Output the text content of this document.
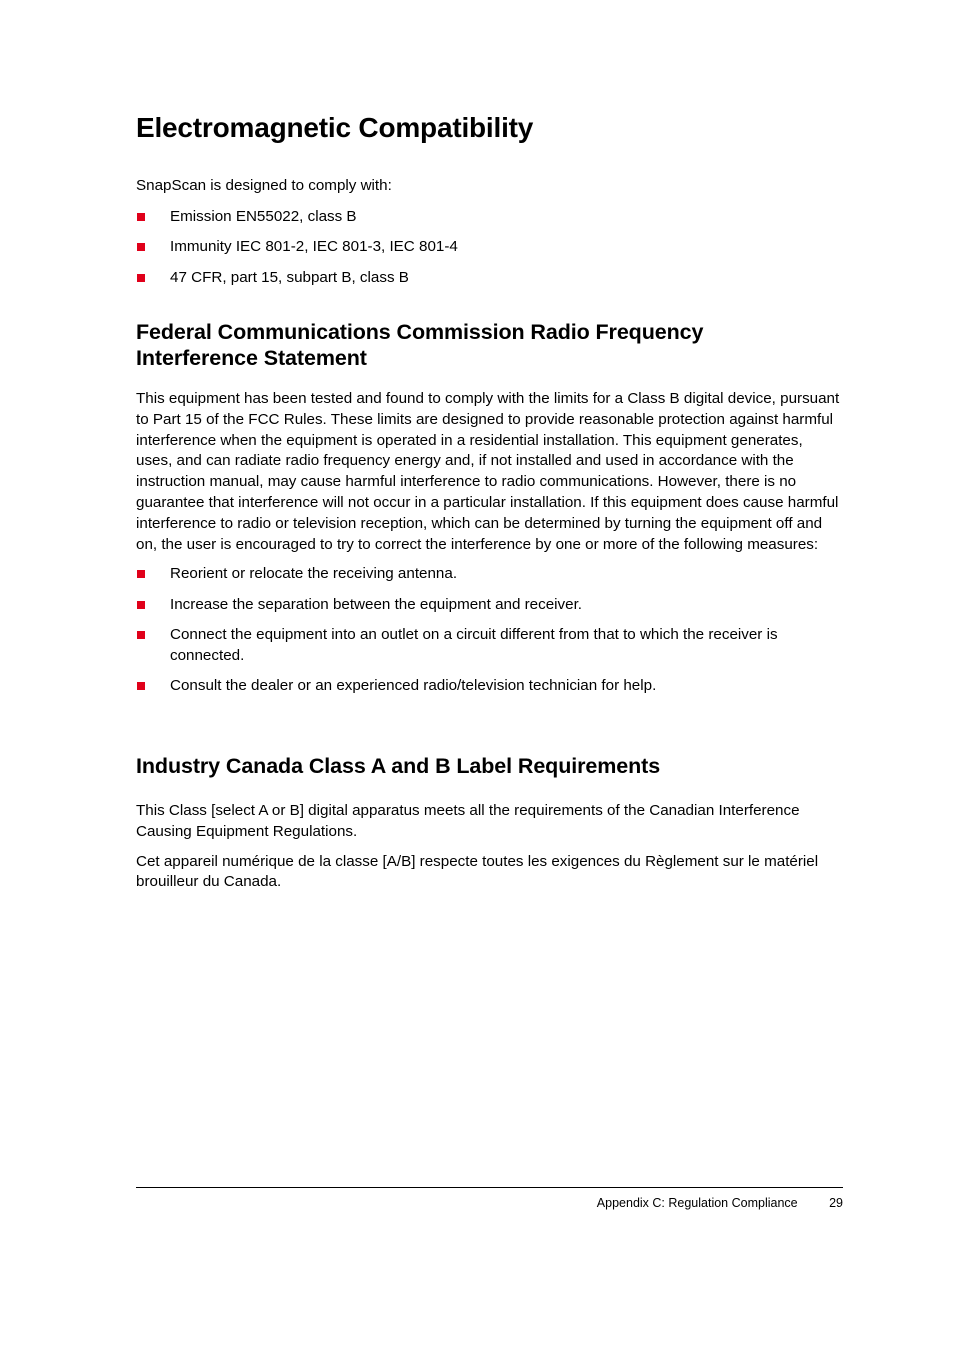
Electromagnetic Compatibility

SnapScan is designed to comply with:

Emission EN55022, class B
Immunity IEC 801-2, IEC 801-3, IEC 801-4
47 CFR, part 15, subpart B, class B
Federal Communications Commission Radio Frequency Interference Statement

This equipment has been tested and found to comply with the limits for a Class B digital device, pursuant to Part 15 of the FCC Rules. These limits are designed to provide reasonable protection against harmful interference when the equipment is operated in a residential installation. This equipment generates, uses, and can radiate radio frequency energy and, if not installed and used in accordance with the instruction manual, may cause harmful interference to radio communications. However, there is no guarantee that interference will not occur in a particular installation. If this equipment does cause harmful interference to radio or television reception, which can be determined by turning the equipment off and on, the user is encouraged to try to correct the interference by one or more of the following measures:

Reorient or relocate the receiving antenna.
Increase the separation between the equipment and receiver.
Connect the equipment into an outlet on a circuit different from that to which the receiver is connected.
Consult the dealer or an experienced radio/television technician for help.
Industry Canada Class A and B Label Requirements

This Class [select A or B] digital apparatus meets all the requirements of the Canadian Interference Causing Equipment Regulations.

Cet appareil numérique de la classe [A/B] respecte toutes les exigences du Règlement sur le matériel brouilleur du Canada.

Appendix C: Regulation Compliance	29
